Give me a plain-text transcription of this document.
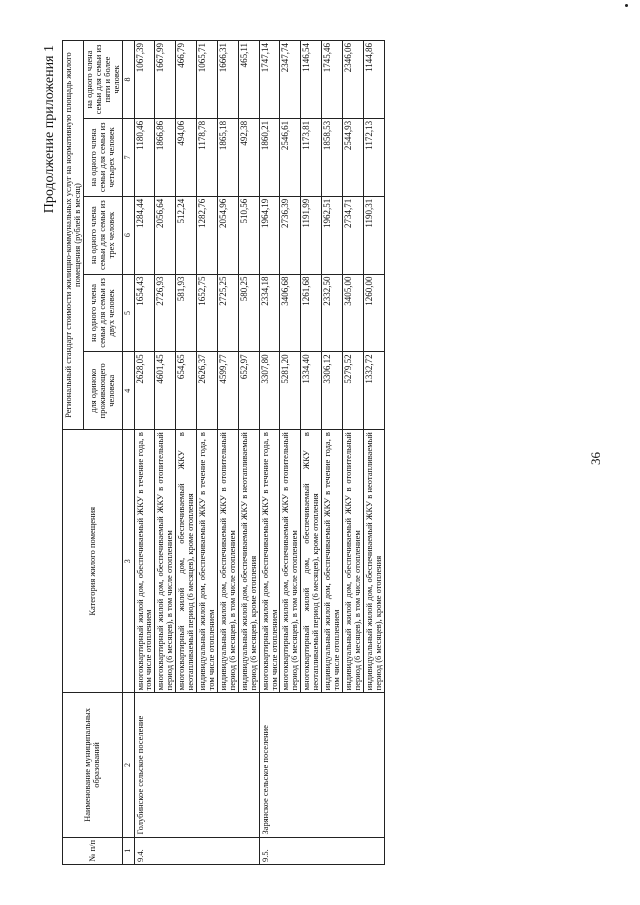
Продолжение приложения 1
36
№ п/п	Наименование муниципальных образований	Категория жилого помещения	Региональный стандарт стоимости жилищно-коммунальных услуг на нормативную площадь жилого помещения (рублей в месяц)				
			для одиноко проживающего человека	на одного члена семьи для семьи из двух человек	на одного члена семьи для семьи из трех человек	на одного члена семьи для семьи из четырех человек	на одного члена семьи для семьи из пяти и более человек
1	2	3	4	5	6	7	8
9.4.	Голубинское сельское поселение	многоквартирный жилой дом, обеспечиваемый ЖКУ в течение года, в том числе отоплением	2628,05	1654,43	1284,44	1180,46	1067,39
		многоквартирный жилой дом, обеспечиваемый ЖКУ в отопительный период (6 месяцев), в том числе отоплением	4601,45	2726,93	2056,64	1866,86	1667,99
		многоквартирный жилой дом, обеспечиваемый ЖКУ в неотапливаемый период (6 месяцев), кроме отопления	654,65	581,93	512,24	494,06	466,79
		индивидуальный жилой дом, обеспечиваемый ЖКУ в течение года, в том числе отоплением	2626,37	1652,75	1282,76	1178,78	1065,71
		индивидуальный жилой дом, обеспечиваемый ЖКУ в отопительный период (6 месяцев), в том числе отоплением	4599,77	2725,25	2054,96	1865,18	1666,31
		индивидуальный жилой дом, обеспечиваемый ЖКУ в неотапливаемый период (6 месяцев), кроме отопления	652,97	580,25	510,56	492,38	465,11
9.5.	Зарянское сельское поселение	многоквартирный жилой дом, обеспечиваемый ЖКУ в течение года, в том числе отоплением	3307,80	2334,18	1964,19	1860,21	1747,14
		многоквартирный жилой дом, обеспечиваемый ЖКУ в отопительный период (6 месяцев), в том числе отоплением	5281,20	3406,68	2736,39	2546,61	2347,74
		многоквартирный жилой дом, обеспечиваемый ЖКУ в неотапливаемый период (6 месяцев), кроме отопления	1334,40	1261,68	1191,99	1173,81	1146,54
		индивидуальный жилой дом, обеспечиваемый ЖКУ в течение года, в том числе отоплением	3306,12	2332,50	1962,51	1858,53	1745,46
		индивидуальный жилой дом, обеспечиваемый ЖКУ в отопительный период (6 месяцев), в том числе отоплением	5279,52	3405,00	2734,71	2544,93	2346,06
		индивидуальный жилой дом, обеспечиваемый ЖКУ в неотапливаемый период (6 месяцев), кроме отопления	1332,72	1260,00	1190,31	1172,13	1144,86
